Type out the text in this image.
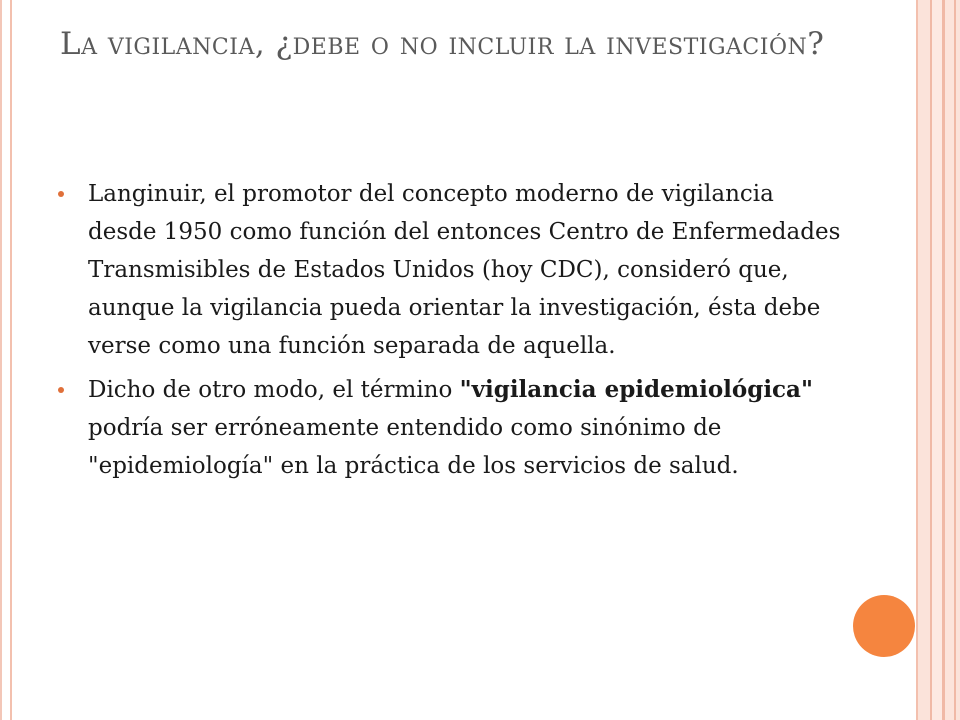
La vigilancia, ¿debe o no incluir la investigación?
Langinuir, el promotor del concepto moderno de vigilancia desde 1950 como función del entonces Centro de Enfermedades Transmisibles de Estados Unidos (hoy CDC), consideró que, aunque la vigilancia pueda orientar la investigación, ésta debe verse como una función separada de aquella.
Dicho de otro modo, el término "vigilancia epidemiológica" podría ser erróneamente entendido como sinónimo de "epidemiología" en la práctica de los servicios de salud.
